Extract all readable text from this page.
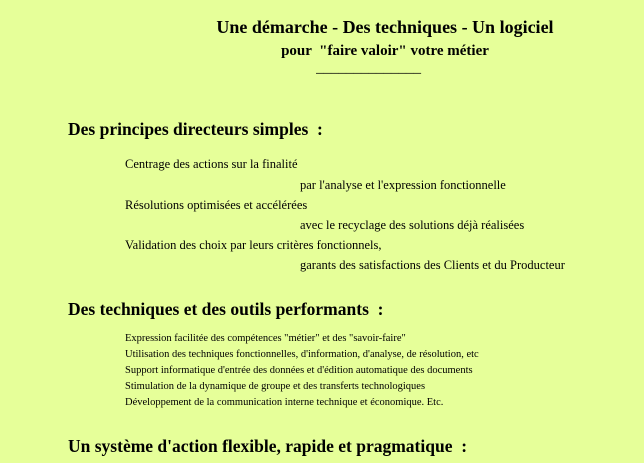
Une démarche - Des techniques - Un logiciel
pour  "faire valoir" votre métier
______________
Des principes directeurs simples  :
Centrage des actions sur la finalité
par l'analyse et l'expression fonctionnelle
Résolutions optimisées et accélérées
avec le recyclage des solutions déjà réalisées
Validation des choix par leurs critères fonctionnels,
garants des satisfactions des Clients et du Producteur
Des techniques et des outils performants  :
Expression facilitée des compétences "métier" et des "savoir-faire"
Utilisation des techniques fonctionnelles, d'information, d'analyse, de résolution, etc
Support informatique d'entrée des données et d'édition automatique des documents
Stimulation de la dynamique de groupe et des transferts technologiques
Développement de la communication interne technique et économique. Etc.
Un système d'action flexible, rapide et pragmatique  :
